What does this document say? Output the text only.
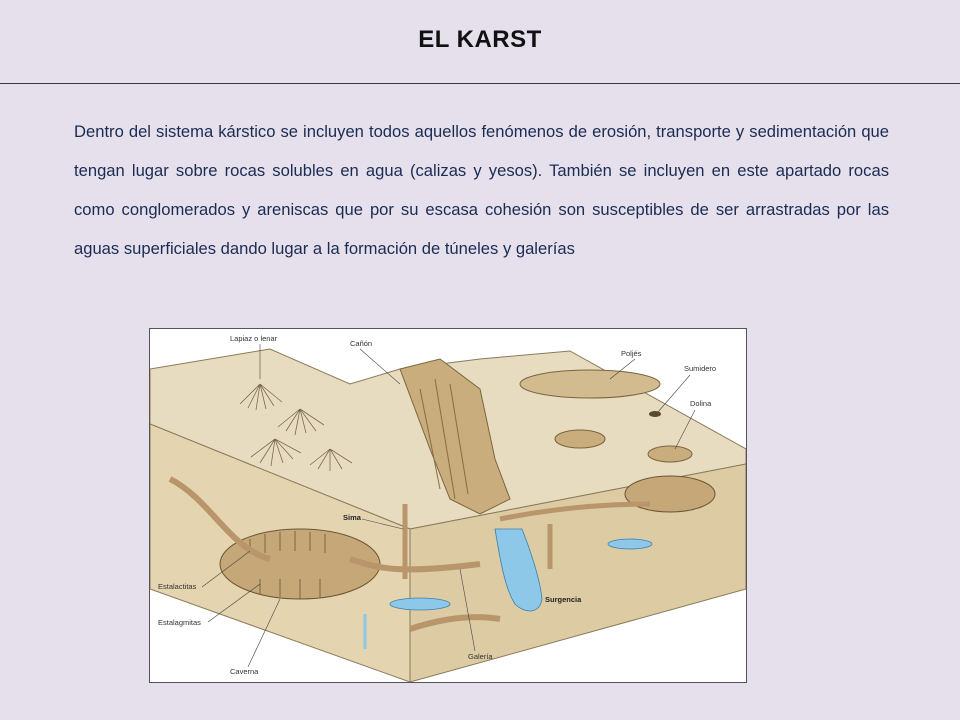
EL KARST
Dentro del sistema kárstico se incluyen todos aquellos fenómenos de erosión, transporte y sedimentación que tengan lugar sobre rocas solubles en agua (calizas y yesos). También se incluyen en este apartado rocas como conglomerados y areniscas que por su escasa cohesión son susceptibles de ser arrastradas por las aguas superficiales dando lugar a la formación de túneles y galerías
Lapiaz o lenar
Cañón
Poljés
Sumidero
Dolina
Sima
Estalactitas
Estalagmitas
Caverna
Galería
Surgencia
